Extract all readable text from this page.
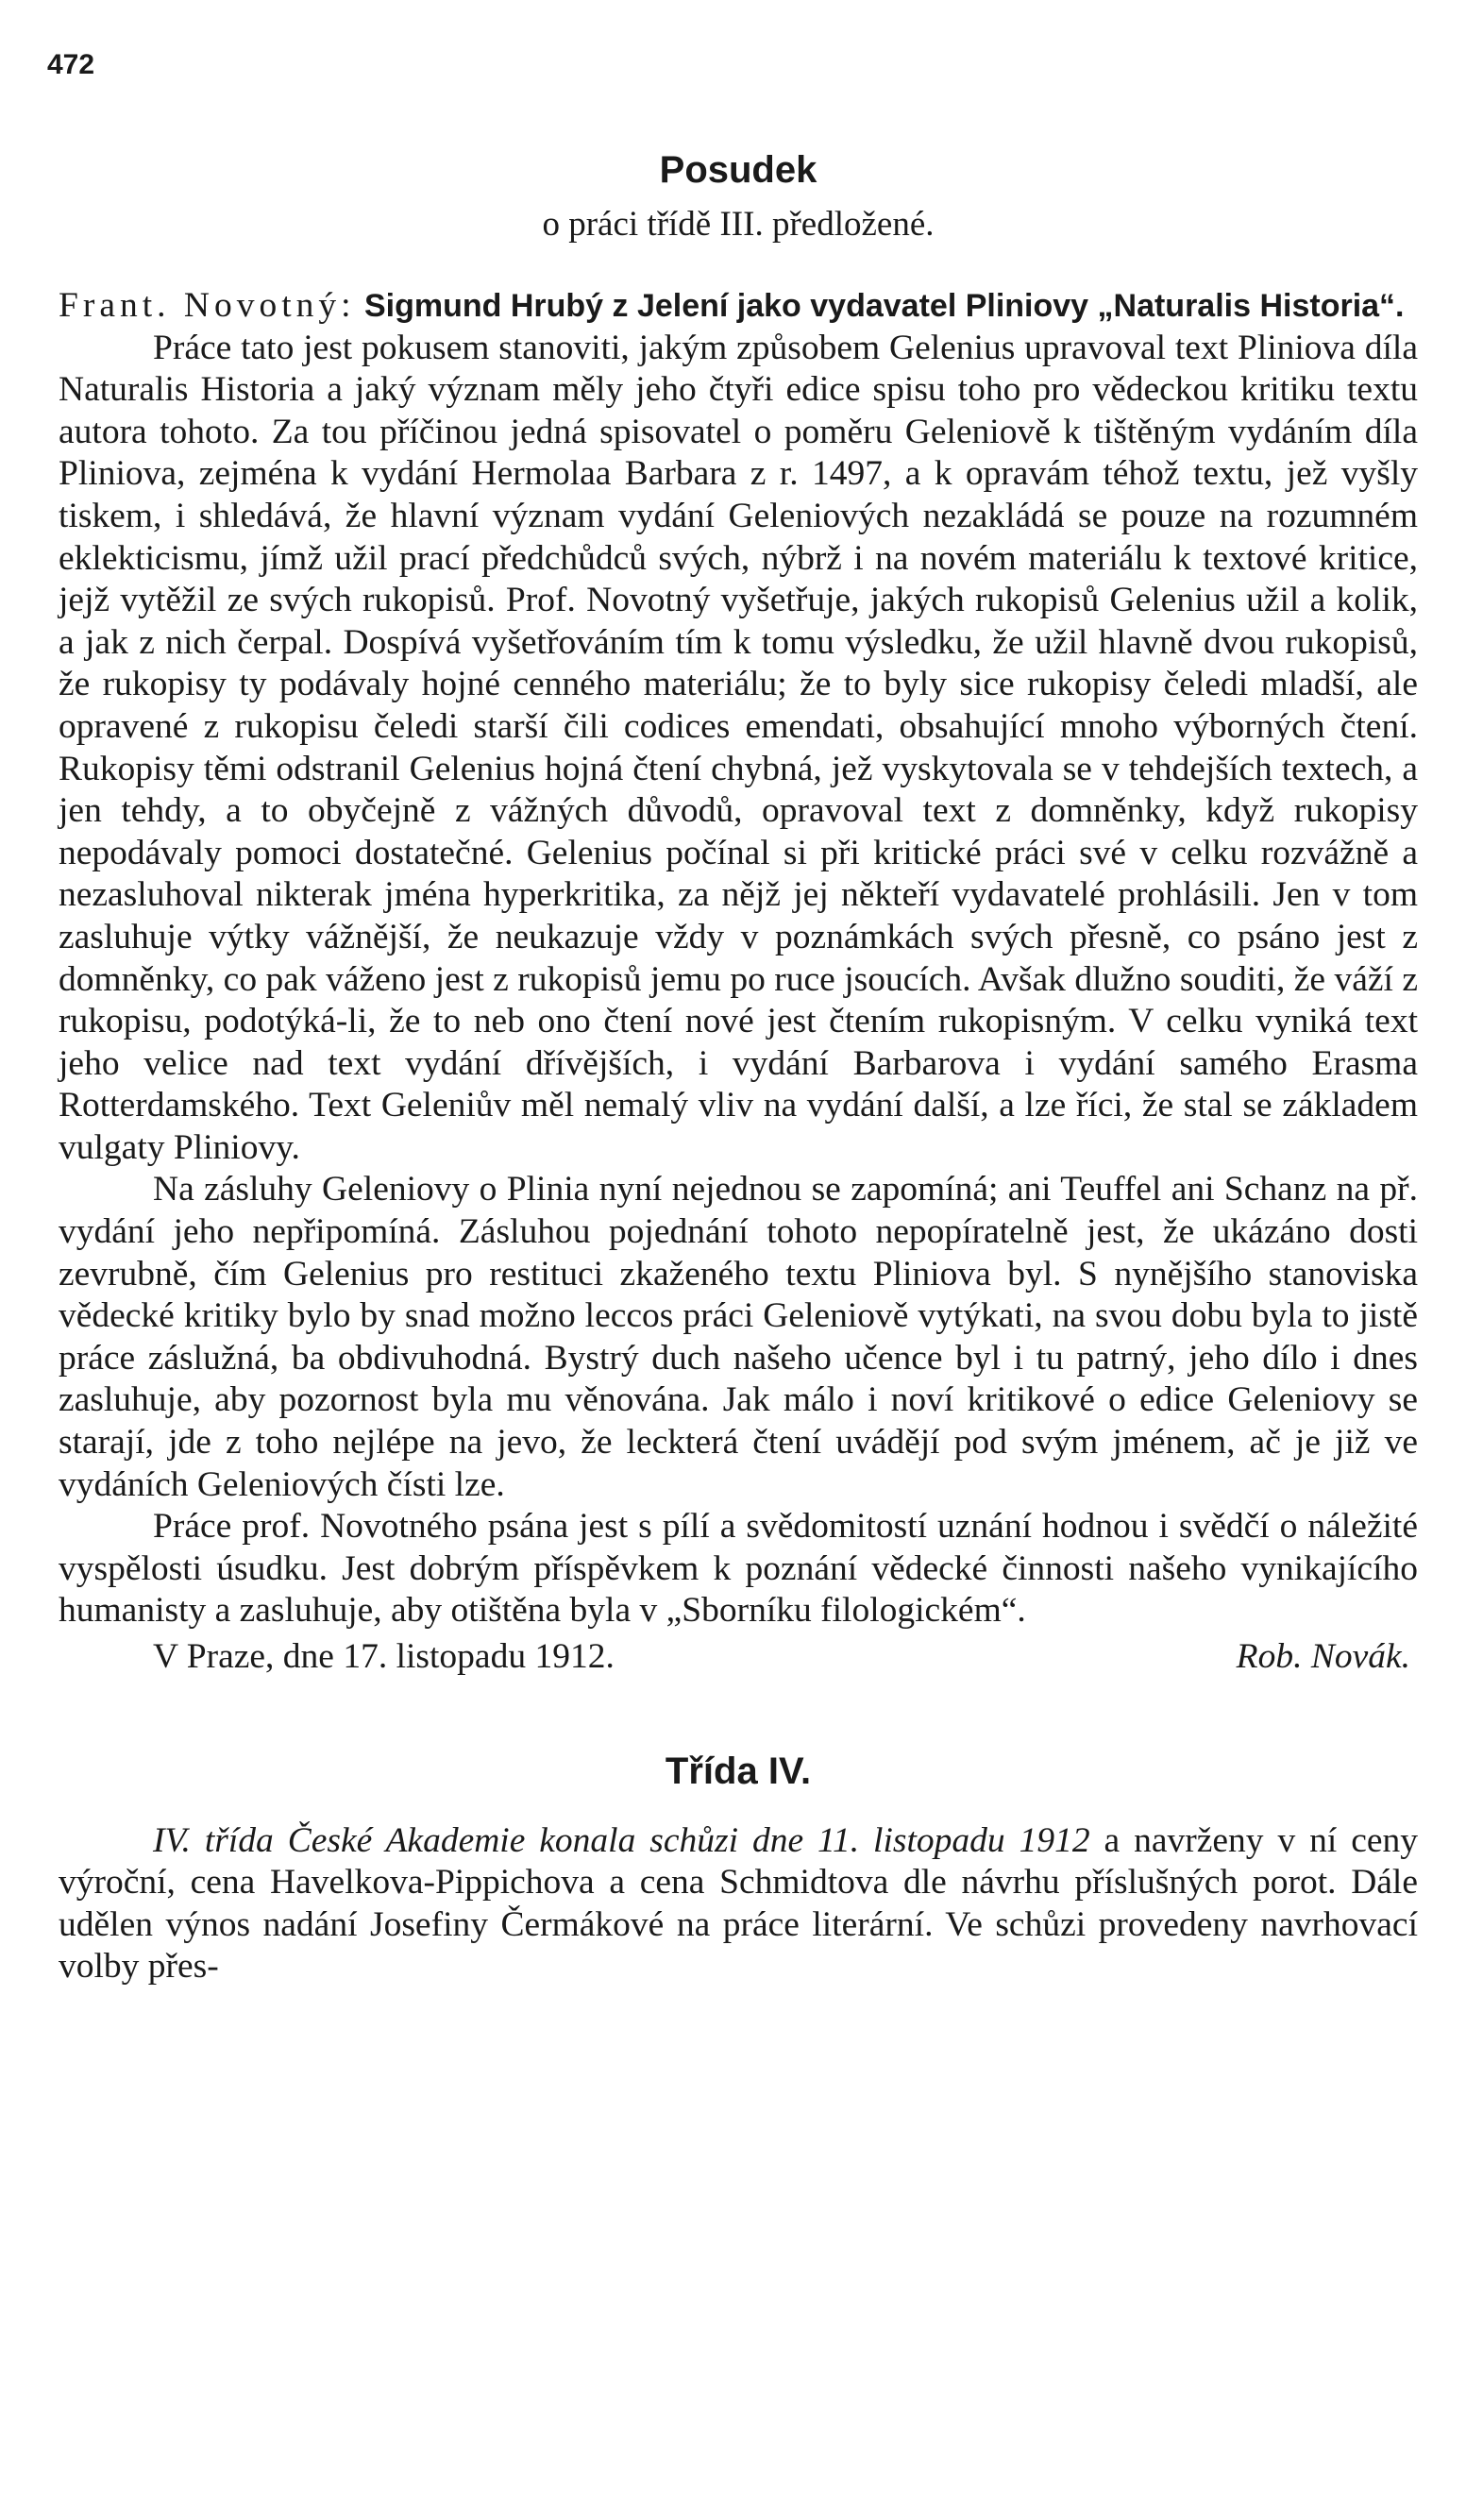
472
Posudek
o práci třídě III. předložené.

Frant. Novotný: Sigmund Hrubý z Jelení jako vydavatel Pliniovy „Naturalis Historia“.

Práce tato jest pokusem stanoviti, jakým způsobem Gelenius upravoval text Pliniova díla Naturalis Historia a jaký význam měly jeho čtyři edice spisu toho pro vědeckou kritiku textu autora tohoto. Za tou příčinou jedná spisovatel o poměru Geleniově k tištěným vydáním díla Pliniova, zejména k vydání Hermolaa Barbara z r. 1497, a k opravám téhož textu, jež vyšly tiskem, i shledává, že hlavní význam vydání Geleniových nezakládá se pouze na rozumném eklekticismu, jímž užil prací předchůdců svých, nýbrž i na novém materiálu k textové kritice, jejž vytěžil ze svých rukopisů. Prof. Novotný vyšetřuje, jakých rukopisů Gelenius užil a kolik, a jak z nich čerpal. Dospívá vyšetřováním tím k tomu výsledku, že užil hlavně dvou rukopisů, že rukopisy ty podávaly hojné cenného materiálu; že to byly sice rukopisy čeledi mladší, ale opravené z rukopisu čeledi starší čili codices emendati, obsahující mnoho výborných čtení. Rukopisy těmi odstranil Gelenius hojná čtení chybná, jež vyskytovala se v tehdejších textech, a jen tehdy, a to obyčejně z vážných důvodů, opravoval text z domněnky, když rukopisy nepodávaly pomoci dostatečné. Gelenius počínal si při kritické práci své v celku rozvážně a nezasluhoval nikterak jména hyperkritika, za nějž jej někteří vydavatelé prohlásili. Jen v tom zasluhuje výtky vážnější, že neukazuje vždy v poznámkách svých přesně, co psáno jest z domněnky, co pak váženo jest z rukopisů jemu po ruce jsoucích. Avšak dlužno souditi, že váží z rukopisu, podotýká-li, že to neb ono čtení nové jest čtením rukopisným. V celku vyniká text jeho velice nad text vydání dřívějších, i vydání Barbarova i vydání samého Erasma Rotterdamského. Text Geleniův měl nemalý vliv na vydání další, a lze říci, že stal se základem vulgaty Pliniovy.

Na zásluhy Geleniovy o Plinia nyní nejednou se zapomíná; ani Teuffel ani Schanz na př. vydání jeho nepřipomíná. Zásluhou pojednání tohoto nepopíratelně jest, že ukázáno dosti zevrubně, čím Gelenius pro restituci zkaženého textu Pliniova byl. S nynějšího stanoviska vědecké kritiky bylo by snad možno leccos práci Geleniově vytýkati, na svou dobu byla to jistě práce záslužná, ba obdivuhodná. Bystrý duch našeho učence byl i tu patrný, jeho dílo i dnes zasluhuje, aby pozornost byla mu věnována. Jak málo i noví kritikové o edice Geleniovy se starají, jde z toho nejlépe na jevo, že leckterá čtení uvádějí pod svým jménem, ač je již ve vydáních Geleniových čísti lze.

Práce prof. Novotného psána jest s pílí a svědomitostí uznání hodnou i svědčí o náležité vyspělosti úsudku. Jest dobrým příspěvkem k poznání vědecké činnosti našeho vynikajícího humanisty a zasluhuje, aby otištěna byla v „Sborníku filologickém“.

V Praze, dne 17. listopadu 1912.	Rob. Novák.
Třída IV.

IV. třída České Akademie konala schůzi dne 11. listopadu 1912 a navrženy v ní ceny výroční, cena Havelkova-Pippichova a cena Schmidtova dle návrhu příslušných porot. Dále udělen výnos nadání Josefiny Čermákové na práce literární. Ve schůzi provedeny navrhovací volby přes-
